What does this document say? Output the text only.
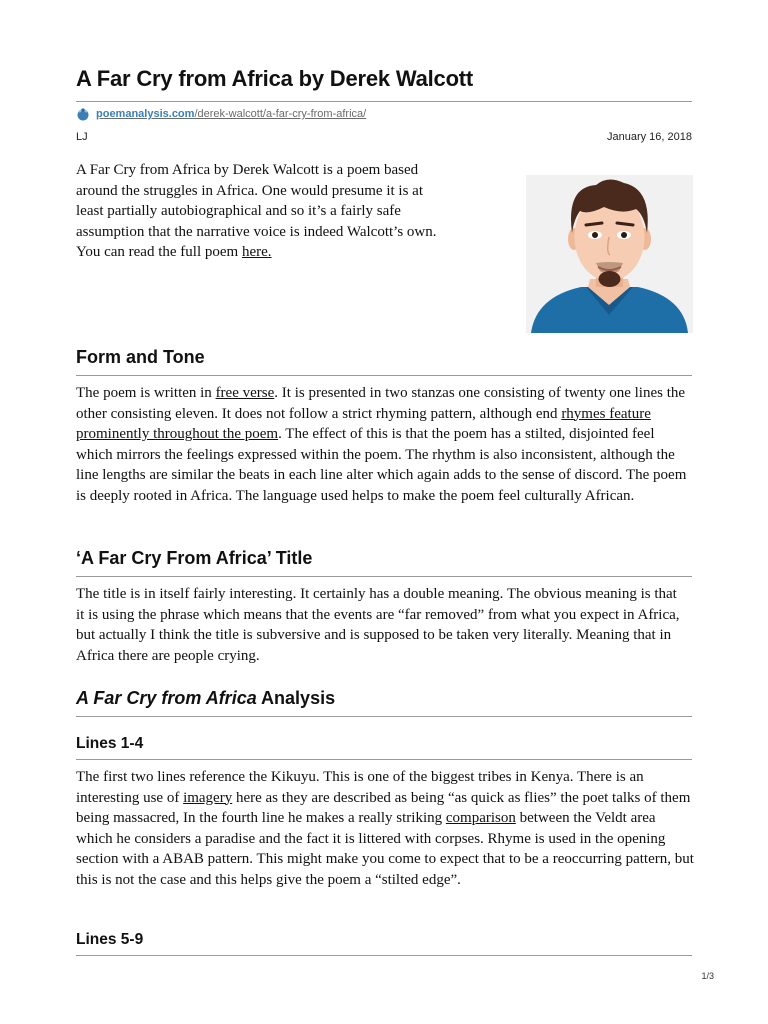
A Far Cry from Africa by Derek Walcott
poemanalysis.com/derek-walcott/a-far-cry-from-africa/
LJ	January 16, 2018

A Far Cry from Africa by Derek Walcott is a poem based
around the struggles in Africa. One would presume it is at
least partially autobiographical and so it’s a fairly safe
assumption that the narrative voice is indeed Walcott’s own.
You can read the full poem here.

Form and Tone

The poem is written in free verse. It is presented in two stanzas one consisting of twenty one lines the other consisting eleven. It does not follow a strict rhyming pattern, although end rhymes feature prominently throughout the poem. The effect of this is that the poem has a stilted, disjointed feel which mirrors the feelings expressed within the poem. The rhythm is also inconsistent, although the line lengths are similar the beats in each line alter which again adds to the sense of discord. The poem is deeply rooted in Africa. The language used helps to make the poem feel culturally African.

‘A Far Cry From Africa’ Title

The title is in itself fairly interesting. It certainly has a double meaning. The obvious meaning is that it is using the phrase which means that the events are “far removed” from what you expect in Africa, but actually I think the title is subversive and is supposed to be taken very literally. Meaning that in Africa there are people crying.

A Far Cry from Africa Analysis
Lines 1-4

The first two lines reference the Kikuyu. This is one of the biggest tribes in Kenya. There is an interesting use of imagery here as they are described as being “as quick as flies” the poet talks of them being massacred, In the fourth line he makes a really striking comparison between the Veldt area which he considers a paradise and the fact it is littered with corpses. Rhyme is used in the opening section with a ABAB pattern. This might make you come to expect that to be a reoccurring pattern, but this is not the case and this helps give the poem a “stilted edge”.

Lines 5-9
1/3
